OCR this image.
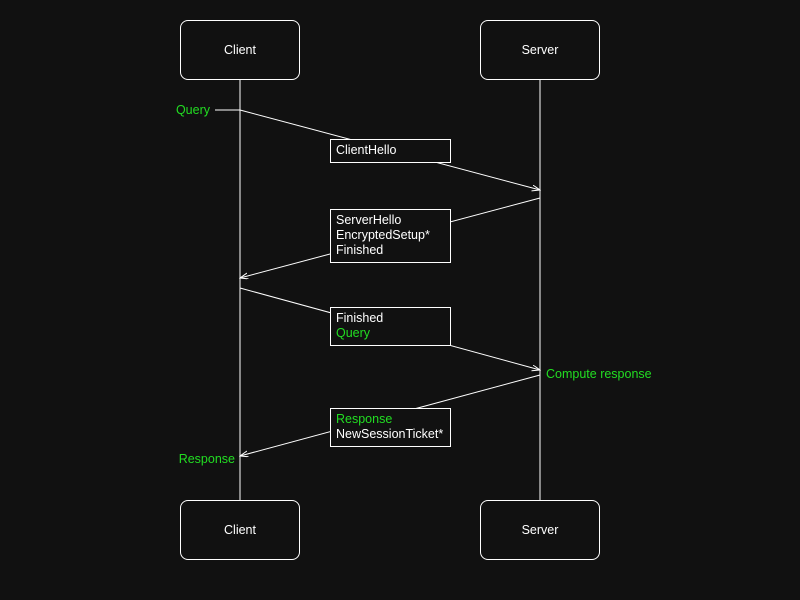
Client	Server
Client	Server
ClientHello
ServerHello
EncryptedSetup*
Finished
Finished
Query
Response
NewSessionTicket*
Query
Compute response
Response
